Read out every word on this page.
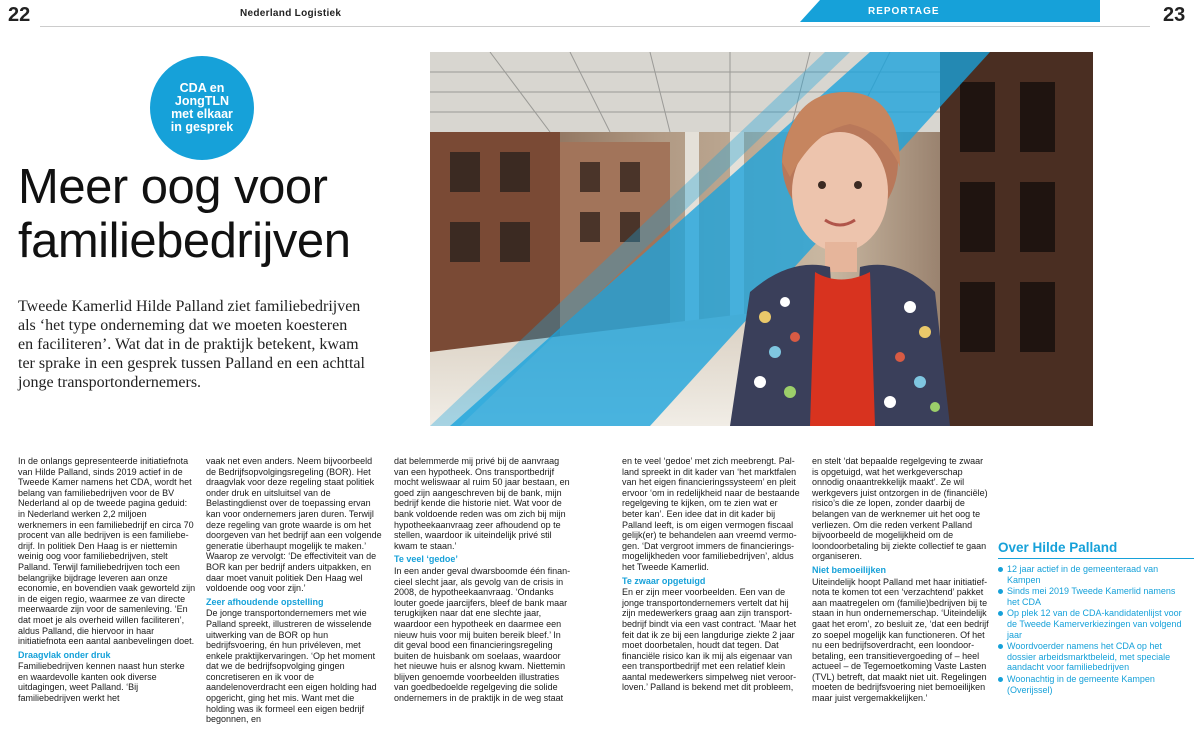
22	23
Nederland Logistiek	REPORTAGE
CDA en
JongTLN
met elkaar
in gesprek
Meer oog voor
familiebedrijven
Tweede Kamerlid Hilde Palland ziet familiebedrijven
als ‘het type onderneming dat we moeten koesteren
en faciliteren’. Wat dat in de praktijk betekent, kwam
ter sprake in een gesprek tussen Palland en een achttal
jonge transportondernemers.

In de onlangs gepresenteerde initiatiefnota van Hilde Palland, sinds 2019 actief in de Tweede Kamer namens het CDA, wordt het belang van familiebedrijven voor de BV Nederland al op de tweede pagina geduid: in Nederland werken 2,2 miljoen werknemers in een familiebedrijf en circa 70 procent van alle bedrijven is een familiebedrijf. In politiek Den Haag is er niettemin weinig oog voor familiebedrijven, stelt Palland. Terwijl familiebedrijven toch een belangrijke bijdrage leveren aan onze economie, en bovendien vaak geworteld zijn in de eigen regio, waarmee ze van directe meerwaarde zijn voor de samenleving. ‘En dat moet je als overheid willen faciliteren’, aldus Palland, die hiervoor in haar initiatiefnota een aantal aanbevelingen doet.

Draagvlak onder druk

Familiebedrijven kennen naast hun sterke en waardevolle kanten ook diverse uitdagingen, weet Palland. ‘Bij familiebedrijven werkt het

vaak net even anders. Neem bijvoorbeeld de Bedrijfsopvolgingsregeling (BOR). Het draagvlak voor deze regeling staat politiek onder druk en uitsluitsel van de Belastingdienst over de toepassing ervan kan voor ondernemers jaren duren. Terwijl deze regeling van grote waarde is om het doorgeven van het bedrijf aan een volgende generatie überhaupt mogelijk te maken.’ Waarop ze vervolgt: ‘De effectiviteit van de BOR kan per bedrijf anders uitpakken, en daar moet vanuit politiek Den Haag wel voldoende oog voor zijn.’

Zeer afhoudende opstelling

De jonge transportondernemers met wie Palland spreekt, illustreren de wisselende uitwerking van de BOR op hun bedrijfsvoering, én hun privéleven, met enkele praktijkervaringen. ‘Op het moment dat we de bedrijfsopvolging gingen concretiseren en ik voor de aandelenoverdracht een eigen holding had opgericht, ging het mis. Want met die holding was ik formeel een eigen bedrijf begonnen, en

dat belemmerde mij privé bij de aanvraag van een hypotheek. Ons transportbedrijf mocht weliswaar al ruim 50 jaar bestaan, en goed zijn aangeschreven bij de bank, mijn bedrijf kende die historie niet. Wat voor de bank voldoende reden was om zich bij mijn hypotheekaanvraag zeer afhoudend op te stellen, waardoor ik uiteindelijk privé stil kwam te staan.’

Te veel ‘gedoe’

In een ander geval dwarsboomde één financieel slecht jaar, als gevolg van de crisis in 2008, de hypotheekaanvraag. ‘Ondanks louter goede jaarcijfers, bleef de bank maar terugkijken naar dat ene slechte jaar, waardoor een hypotheek en daarmee een nieuw huis voor mij buiten bereik bleef.’ In dit geval bood een financieringsregeling buiten de huisbank om soelaas, waardoor het nieuwe huis er alsnog kwam. Niettemin blijven genoemde voorbeelden illustraties van goedbedoelde regelgeving die solide ondernemers in de praktijk in de weg staat

en te veel ‘gedoe’ met zich meebrengt. Palland spreekt in dit kader van ‘het marktfalen van het eigen financieringssysteem’ en pleit ervoor ‘om in redelijkheid naar de bestaande regelgeving te kijken, om te zien wat er beter kan’. Een idee dat in dit kader bij Palland leeft, is om eigen vermogen fiscaal gelijk(er) te behandelen aan vreemd vermogen. ‘Dat vergroot immers de financieringsmogelijkheden voor familiebedrijven’, aldus het Tweede Kamerlid.

Te zwaar opgetuigd

En er zijn meer voorbeelden. Een van de jonge transportondernemers vertelt dat hij zijn medewerkers graag aan zijn transportbedrijf bindt via een vast contract. ‘Maar het feit dat ik ze bij een langdurige ziekte 2 jaar moet doorbetalen, houdt dat tegen. Dat financiële risico kan ik mij als eigenaar van een transportbedrijf met een relatief klein aantal medewerkers simpelweg niet veroorloven.’ Palland is bekend met dit probleem,

en stelt ‘dat bepaalde regelgeving te zwaar is opgetuigd, wat het werkgeverschap onnodig onaantrekkelijk maakt’. Ze wil werkgevers juist ontzorgen in de (financiële) risico’s die ze lopen, zonder daarbij de belangen van de werknemer uit het oog te verliezen. Om die reden verkent Palland bijvoorbeeld de mogelijkheid om de loondoorbetaling bij ziekte collectief te gaan organiseren.

Niet bemoeilijken

Uiteindelijk hoopt Palland met haar initiatiefnota te komen tot een ‘verzachtend’ pakket aan maatregelen om (familie)bedrijven bij te staan in hun ondernemerschap. ‘Uiteindelijk gaat het erom’, zo besluit ze, ‘dat een bedrijf zo soepel mogelijk kan functioneren. Of het nu een bedrijfsoverdracht, een loondoorbetaling, een transitievergoeding of – heel actueel – de Tegemoetkoming Vaste Lasten (TVL) betreft, dat maakt niet uit. Regelingen moeten de bedrijfsvoering niet bemoeilijken maar juist vergemakkelijken.’

Over Hilde Palland
12 jaar actief in de gemeenteraad van Kampen
Sinds mei 2019 Tweede Kamerlid namens het CDA
Op plek 12 van de CDA-kandidatenlijst voor de Tweede Kamerverkiezingen van volgend jaar
Woordvoerder namens het CDA op het dossier arbeidsmarktbeleid, met speciale aandacht voor familiebedrijven
Woonachtig in de gemeente Kampen (Overijssel)
